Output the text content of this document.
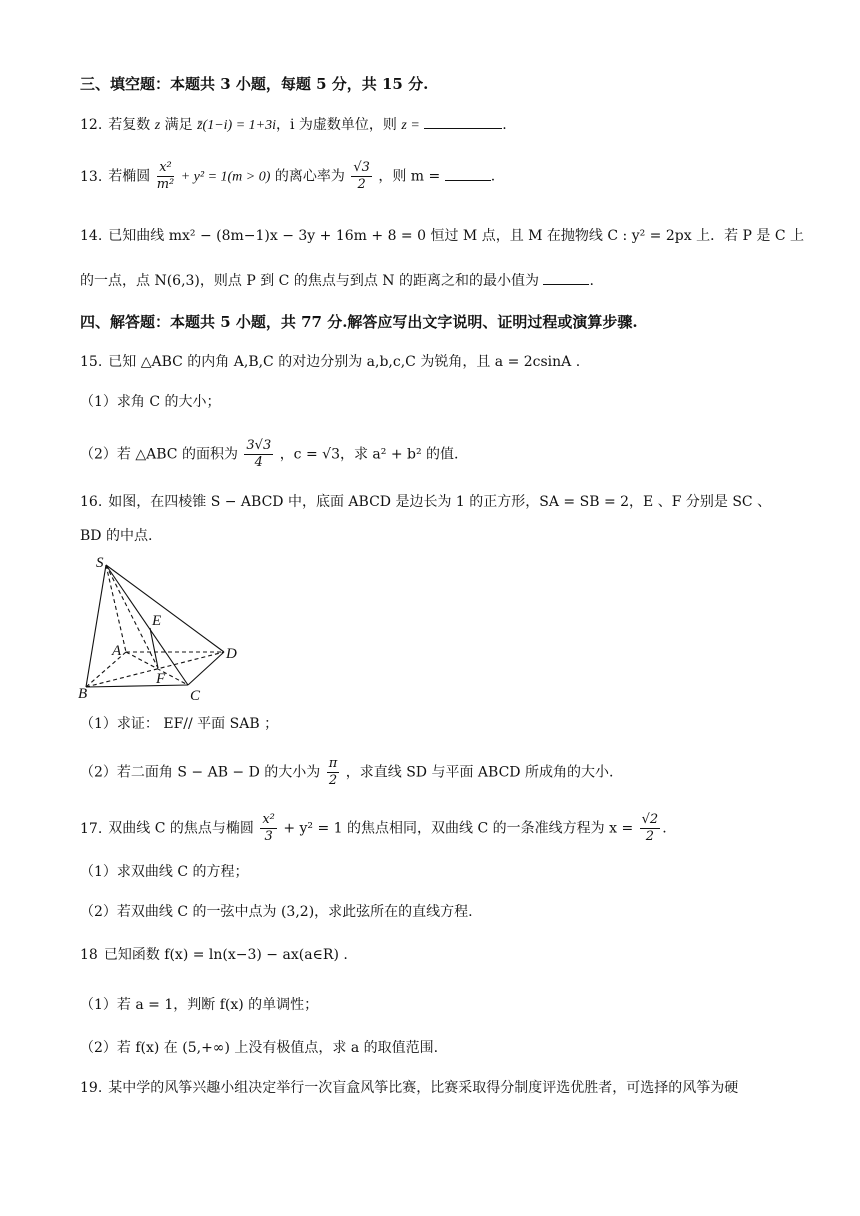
三、填空题：本题共 3 小题，每题 5 分，共 15 分.
12. 若复数 z 满足 z̄(1−i) = 1+3i，i 为虚数单位，则 z =	.
13. 若椭圆 $\frac{\text{x²}}{\text{m²}} + y^2 = 1(m > 0)$ 的离心率为 $\frac{√3}{2}$ ，则 m =	.
14. 已知曲线 mx² − (8m−1)x − 3y + 16m + 8 = 0 恒过 M 点，且 M 在抛物线 C : y² = 2px 上．若 P 是 C 上
的一点，点 N(6,3)，则点 P 到 C 的焦点与到点 N 的距离之和的最小值为	.
四、解答题：本题共 5 小题，共 77 分.解答应写出文字说明、证明过程或演算步骤.
15. 已知 △ABC 的内角 A,B,C 的对边分别为 a,b,c,C 为锐角，且 a = 2csinA .
（1）求角 C 的大小；
（2）若 △ABC 的面积为 $\frac{3√3}{4}$ ，c = √3，求 a² + b² 的值.
16. 如图，在四棱锥 S − ABCD 中，底面 ABCD 是边长为 1 的正方形，SA = SB = 2，E 、F 分别是 SC 、
BD 的中点.
S
E
A	D
F
B	C
（1）求证： EF// 平面 SAB ；
（2）若二面角 S − AB − D 的大小为 $\frac{\pi}{2}$ ，求直线 SD 与平面 ABCD 所成角的大小.
17. 双曲线 C 的焦点与椭圆 $\frac{\text{x²}}{3} + y^2 = 1$ 的焦点相同，双曲线 C 的一条准线方程为 $x = \frac{√2}{2}$ .
（1）求双曲线 C 的方程；
（2）若双曲线 C 的一弦中点为 (3,2)，求此弦所在的直线方程.
18 已知函数 f(x) = ln(x−3) − ax(a∈R) .
（1）若 a = 1，判断 f(x) 的单调性；
（2）若 f(x) 在 (5,+∞) 上没有极值点，求 a 的取值范围.
19. 某中学的风筝兴趣小组决定举行一次盲盒风筝比赛，比赛采取得分制度评选优胜者，可选择的风筝为硬
